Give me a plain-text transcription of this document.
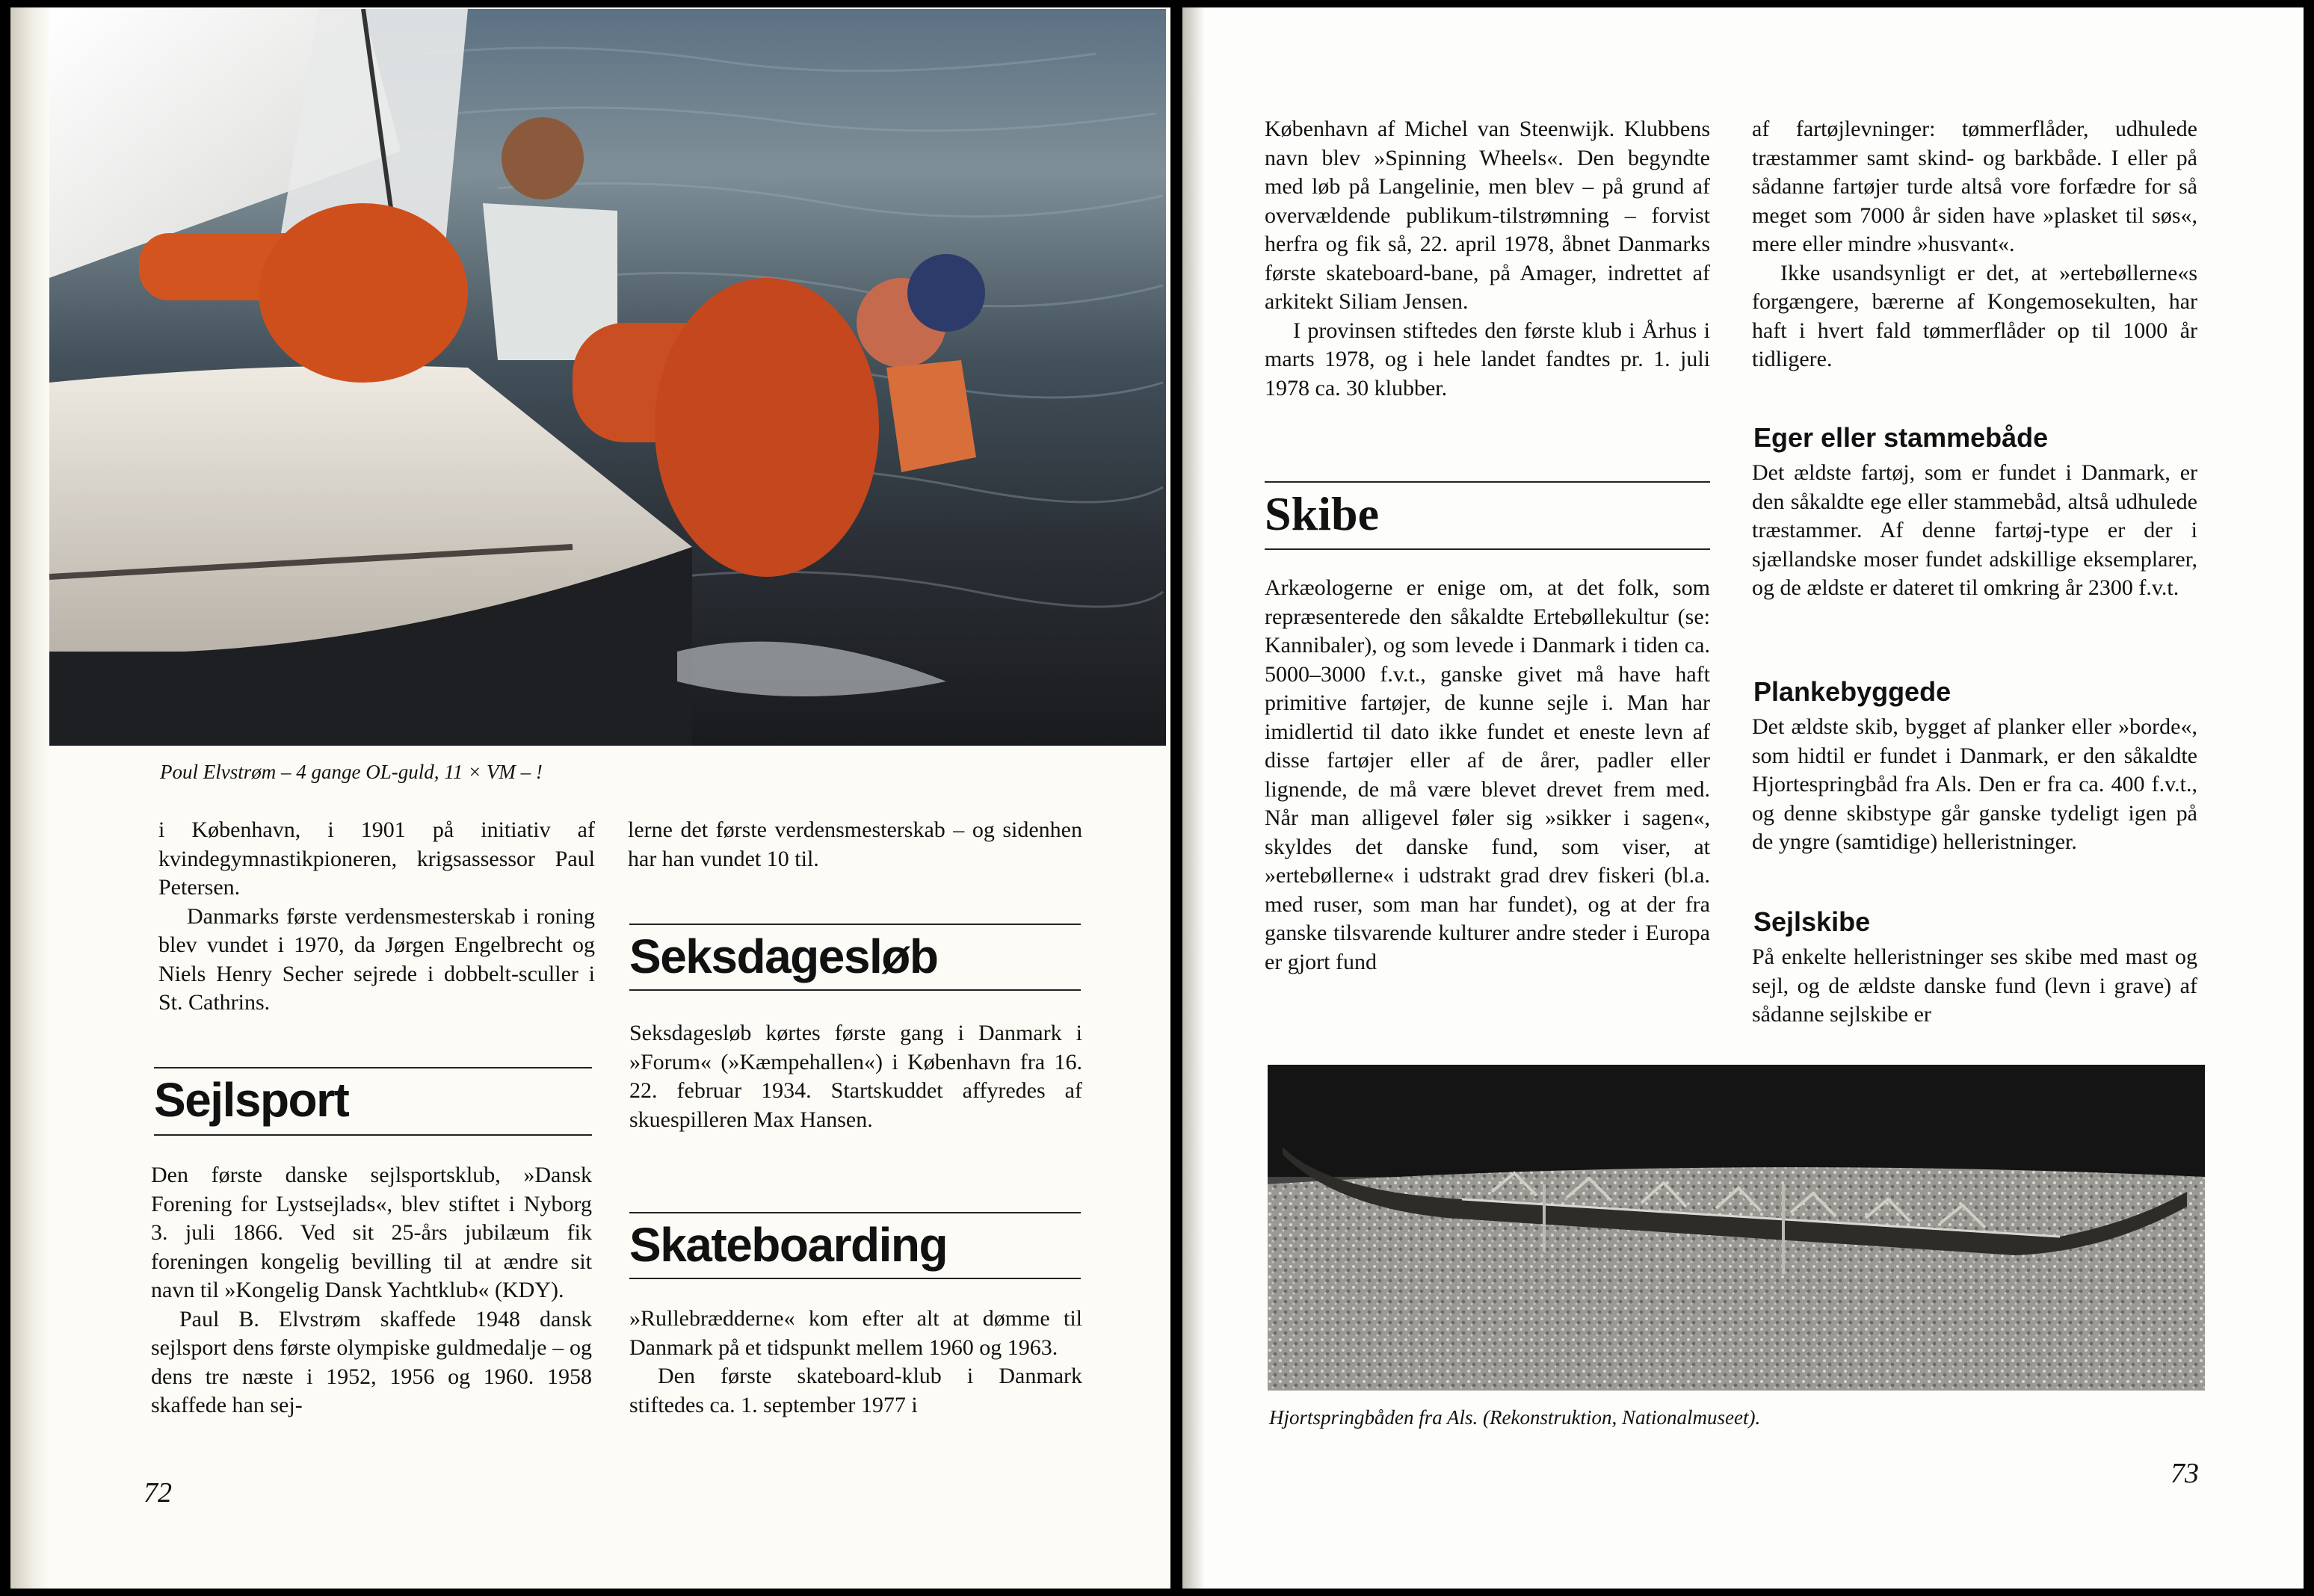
Poul Elvstrøm – 4 gange OL-guld, 11 × VM – !

i København, i 1901 på initiativ af kvindegymnastikpioneren, krigsassessor Paul Petersen.

Danmarks første verdensmesterskab i roning blev vundet i 1970, da Jørgen Engelbrecht og Niels Henry Secher sejrede i dobbelt-sculler i St. Cathrins.

Sejlsport

Den første danske sejlsportsklub, »Dansk Forening for Lystsejlads«, blev stiftet i Nyborg 3. juli 1866. Ved sit 25-års jubilæum fik foreningen kongelig bevilling til at ændre sit navn til »Kongelig Dansk Yachtklub« (KDY).

Paul B. Elvstrøm skaffede 1948 dansk sejlsport dens første olympiske guldmedalje – og dens tre næste i 1952, 1956 og 1960. 1958 skaffede han sej-

lerne det første verdensmesterskab – og sidenhen har han vundet 10 til.

Seksdagesløb

Seksdagesløb kørtes første gang i Danmark i »Forum« (»Kæmpehallen«) i København fra 16. 22. februar 1934. Startskuddet affyredes af skuespilleren Max Hansen.

Skateboarding

»Rullebrædderne« kom efter alt at dømme til Danmark på et tidspunkt mellem 1960 og 1963.

Den første skateboard-klub i Danmark stiftedes ca. 1. september 1977 i

72

København af Michel van Steenwijk. Klubbens navn blev »Spinning Wheels«. Den begyndte med løb på Langelinie, men blev – på grund af overvældende publikum-tilstrømning – forvist herfra og fik så, 22. april 1978, åbnet Danmarks første skateboard-bane, på Amager, indrettet af arkitekt Siliam Jensen.

I provinsen stiftedes den første klub i Århus i marts 1978, og i hele landet fandtes pr. 1. juli 1978 ca. 30 klubber.

Skibe

Arkæologerne er enige om, at det folk, som repræsenterede den såkaldte Ertebøllekultur (se: Kannibaler), og som levede i Danmark i tiden ca. 5000–3000 f.v.t., ganske givet må have haft primitive fartøjer, de kunne sejle i. Man har imidlertid til dato ikke fundet et eneste levn af disse fartøjer eller af de årer, padler eller lignende, de må være blevet drevet frem med. Når man alligevel føler sig »sikker i sagen«, skyldes det danske fund, som viser, at »ertebøllerne« i udstrakt grad drev fiskeri (bl.a. med ruser, som man har fundet), og at der fra ganske tilsvarende kulturer andre steder i Europa er gjort fund

af fartøjlevninger: tømmerflåder, udhulede træstammer samt skind- og barkbåde. I eller på sådanne fartøjer turde altså vore forfædre for så meget som 7000 år siden have »plasket til søs«, mere eller mindre »husvant«.

Ikke usandsynligt er det, at »ertebøllerne«s forgængere, bærerne af Kongemosekulten, har haft i hvert fald tømmerflåder op til 1000 år tidligere.

Eger eller stammebåde

Det ældste fartøj, som er fundet i Danmark, er den såkaldte ege eller stammebåd, altså udhulede træstammer. Af denne fartøj-type er der i sjællandske moser fundet adskillige eksemplarer, og de ældste er dateret til omkring år 2300 f.v.t.

Plankebyggede

Det ældste skib, bygget af planker eller »borde«, som hidtil er fundet i Danmark, er den såkaldte Hjortespringbåd fra Als. Den er fra ca. 400 f.v.t., og denne skibstype går ganske tydeligt igen på de yngre (samtidige) helleristninger.

Sejlskibe

På enkelte helleristninger ses skibe med mast og sejl, og de ældste danske fund (levn i grave) af sådanne sejlskibe er

Hjortspringbåden fra Als. (Rekonstruktion, Nationalmuseet).
73
